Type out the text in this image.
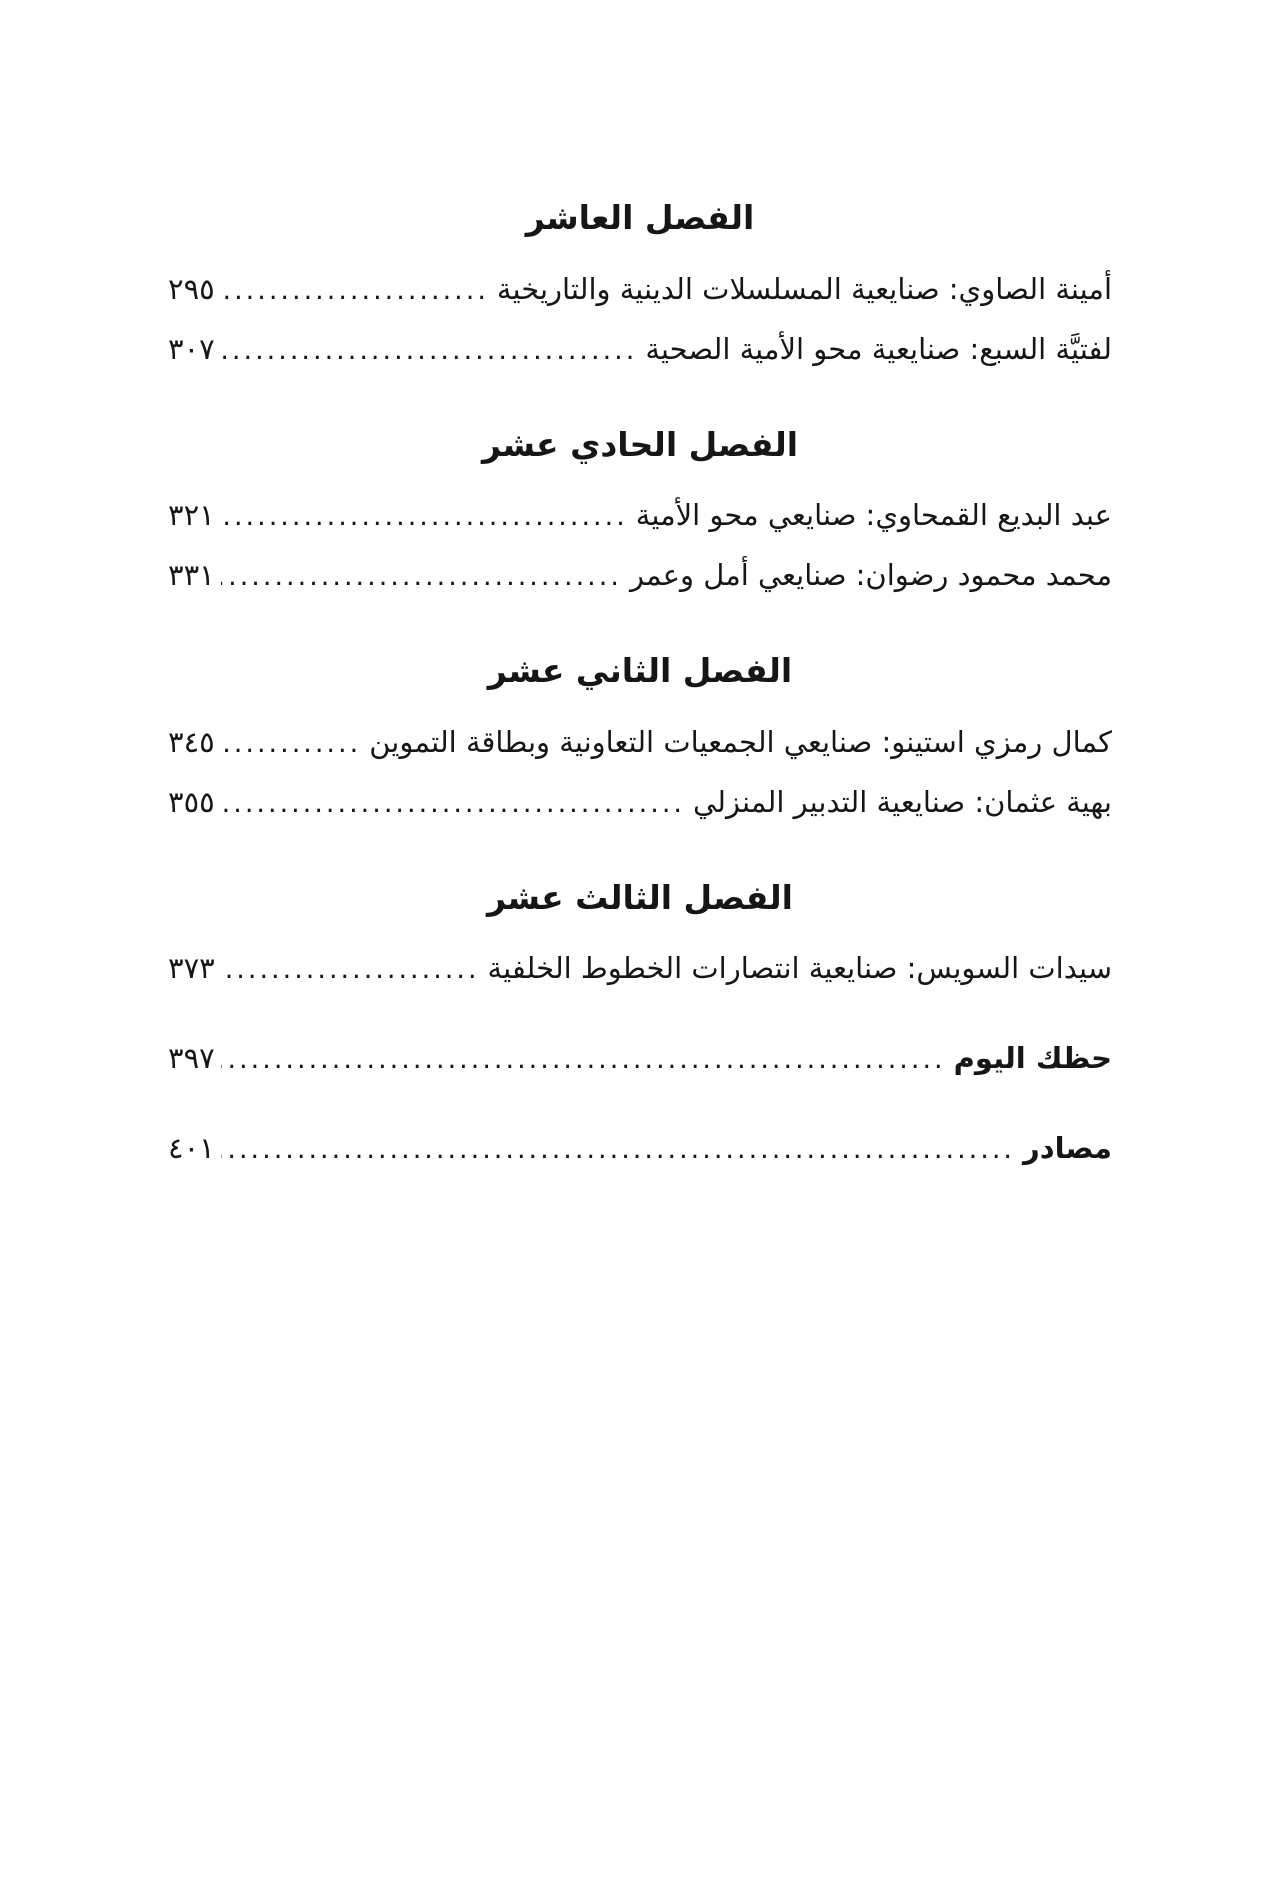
الفصل العاشر
أمينة الصاوي: صنايعية المسلسلات الدينية والتاريخية
.....
٢٩٥
لفتيَّة السبع: صنايعية محو الأمية الصحية
.....
٣٠٧
الفصل الحادي عشر
عبد البديع القمحاوي: صنايعي محو الأمية
.....
٣٢١
محمد محمود رضوان: صنايعي أمل وعمر
.....
٣٣١
الفصل الثاني عشر
كمال رمزي استينو: صنايعي الجمعيات التعاونية وبطاقة التموين
.....
٣٤٥
بهية عثمان: صنايعية التدبير المنزلي
.....
٣٥٥
الفصل الثالث عشر
سيدات السويس: صنايعية انتصارات الخطوط الخلفية
.....
٣٧٣
حظك اليوم
.....
٣٩٧
مصادر
.....
٤٠١
